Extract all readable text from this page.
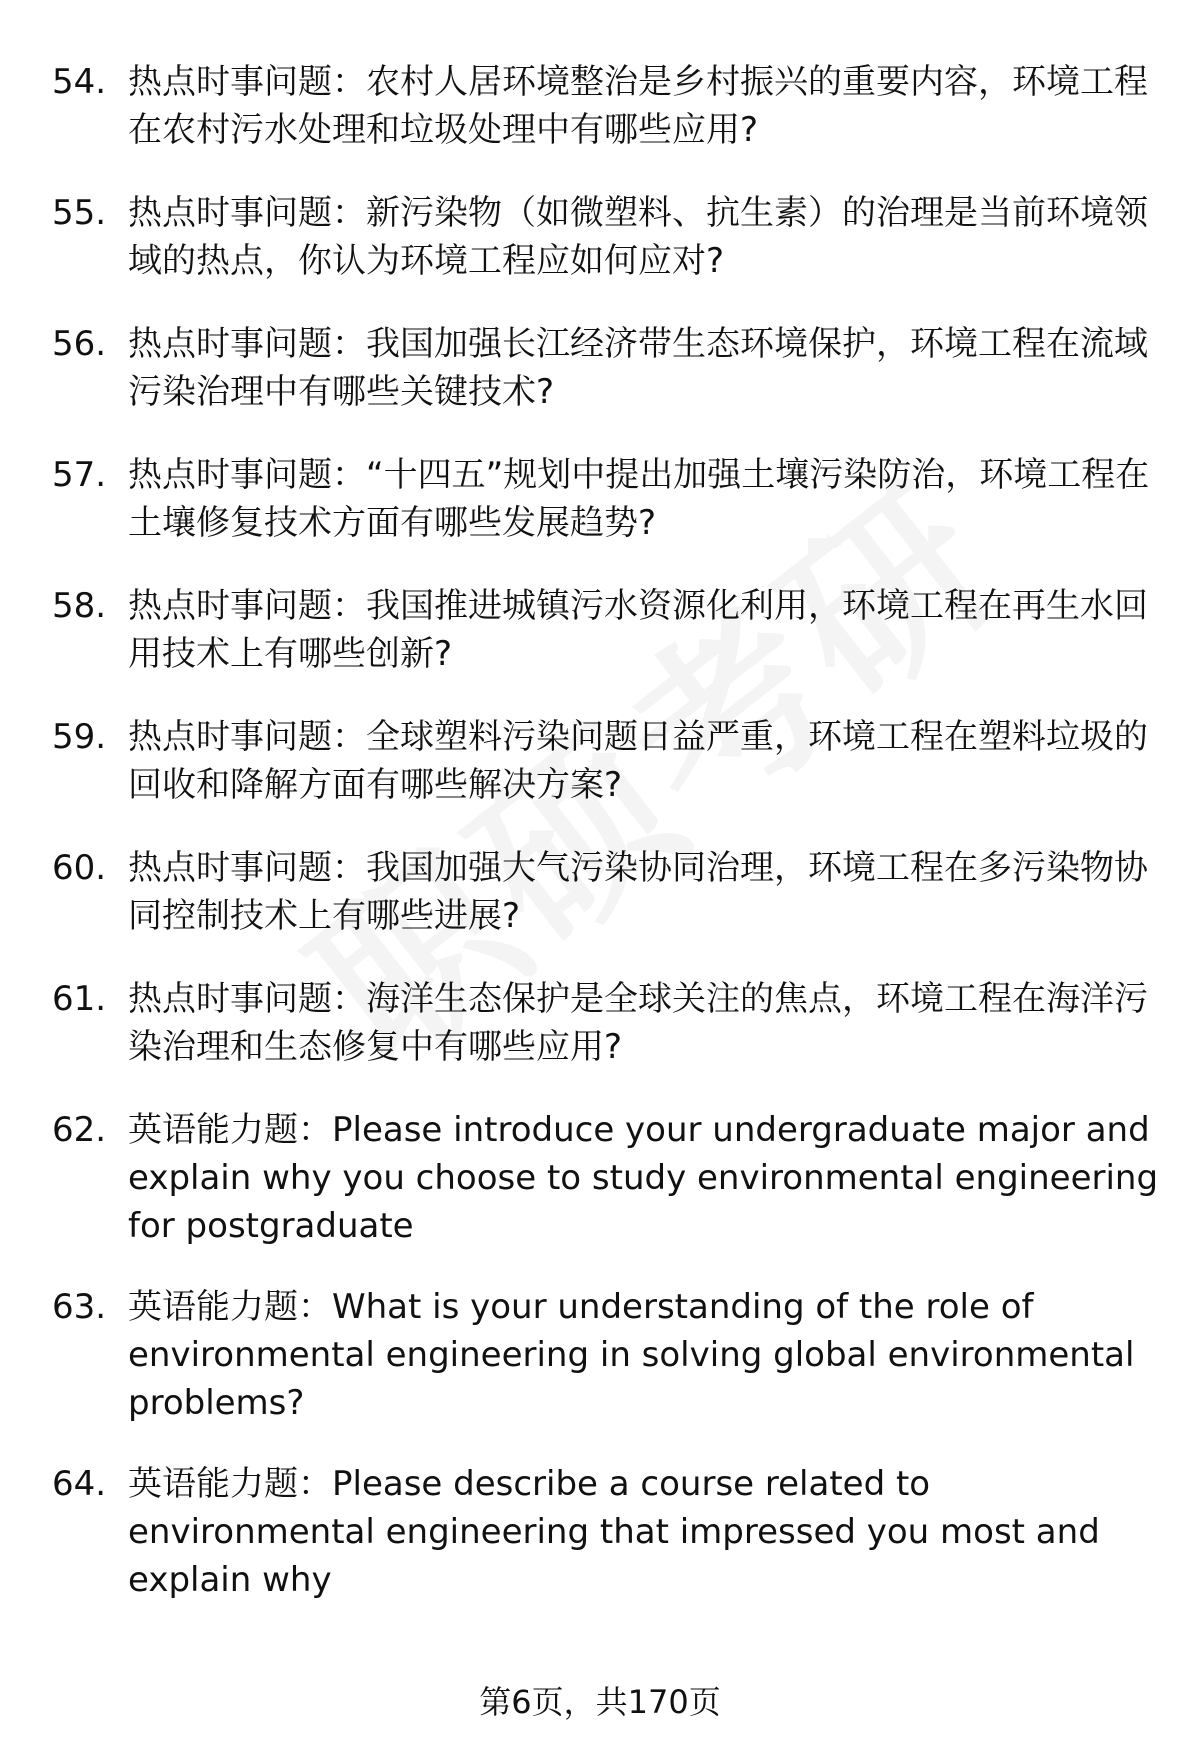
54. 热点时事问题：农村人居环境整治是乡村振兴的重要内容，环境工程在农村污水处理和垃圾处理中有哪些应用?
55. 热点时事问题：新污染物（如微塑料、抗生素）的治理是当前环境领域的热点，你认为环境工程应如何应对?
56. 热点时事问题：我国加强长江经济带生态环境保护，环境工程在流域污染治理中有哪些关键技术?
57. 热点时事问题：“十四五”规划中提出加强土壤污染防治，环境工程在土壤修复技术方面有哪些发展趋势?
58. 热点时事问题：我国推进城镇污水资源化利用，环境工程在再生水回用技术上有哪些创新?
59. 热点时事问题：全球塑料污染问题日益严重，环境工程在塑料垃圾的回收和降解方面有哪些解决方案?
60. 热点时事问题：我国加强大气污染协同治理，环境工程在多污染物协同控制技术上有哪些进展?
61. 热点时事问题：海洋生态保护是全球关注的焦点，环境工程在海洋污染治理和生态修复中有哪些应用?
62. 英语能力题：Please introduce your undergraduate major and explain why you choose to study environmental engineering for postgraduate
63. 英语能力题：What is your understanding of the role of environmental engineering in solving global environmental problems?
64. 英语能力题：Please describe a course related to environmental engineering that impressed you most and explain why
第6页，共170页
